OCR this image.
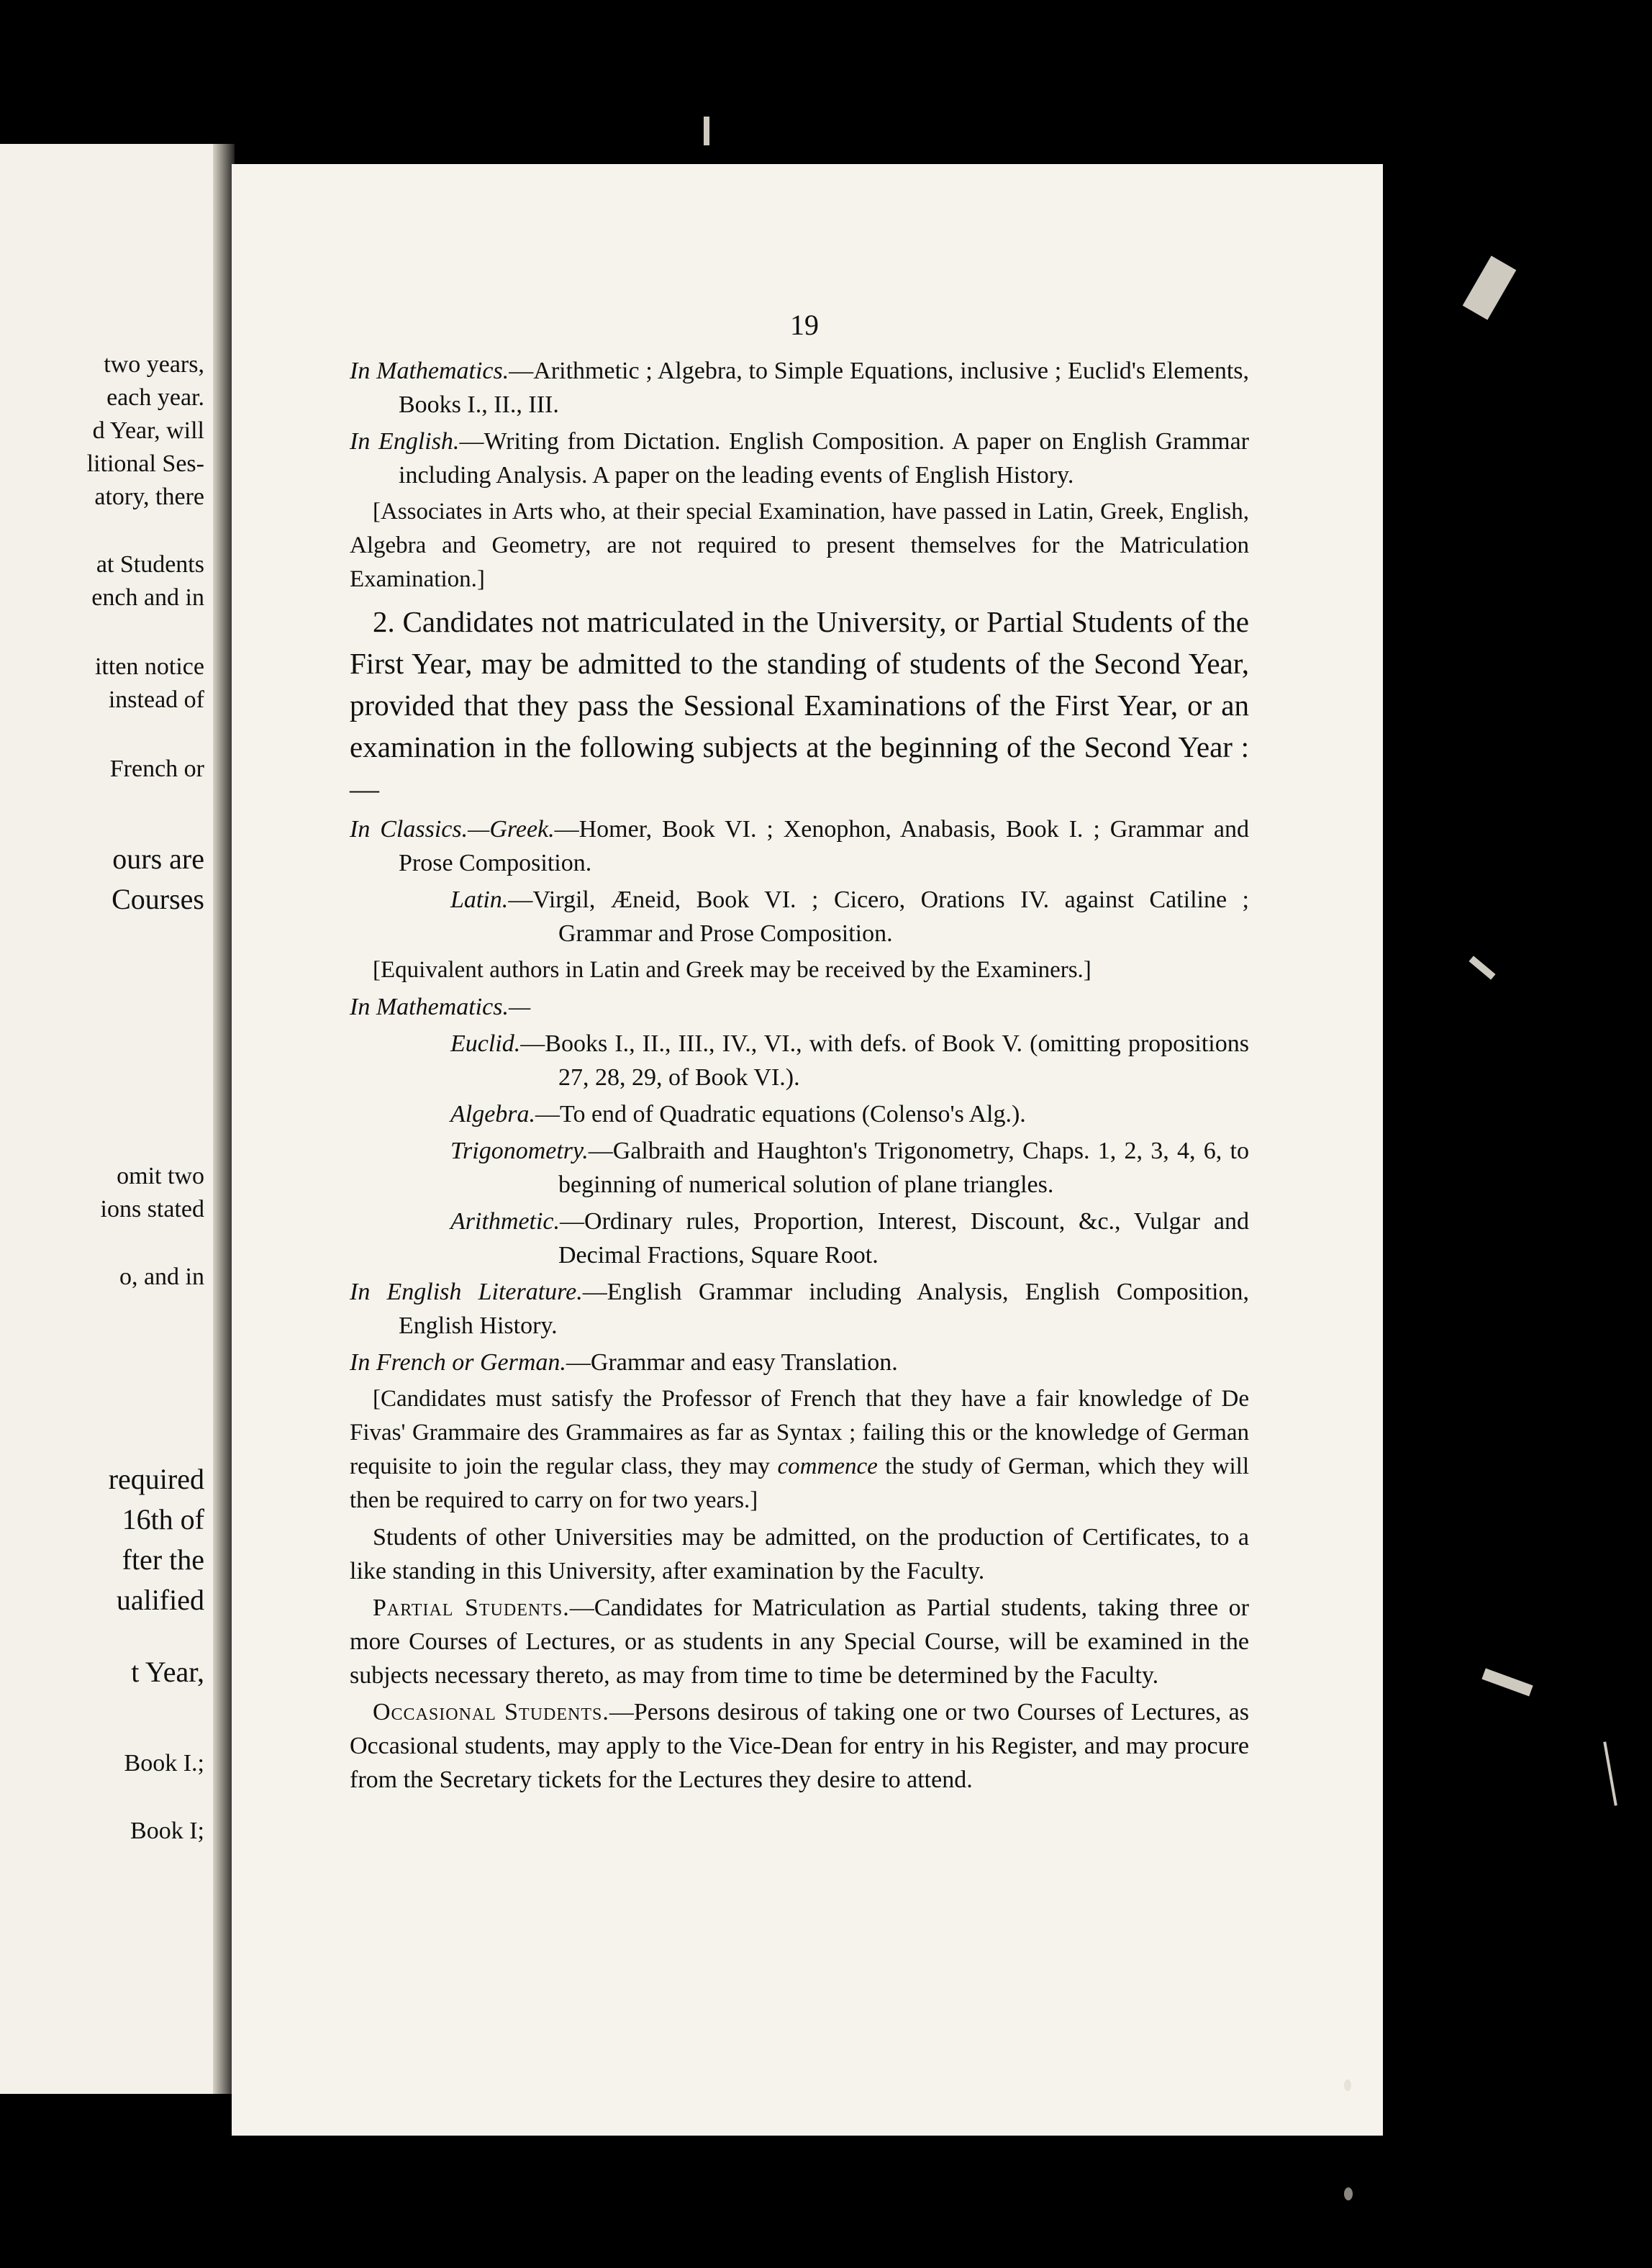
two years,
each year.
d Year, will
litional Ses-
atory, there
at Students
ench and in
itten notice
instead of
French or
ours are
Courses
omit two
ions stated
o, and in
required
16th of
fter the
ualified
t Year,
Book I.;
Book I;
19

In Mathematics.—Arithmetic ; Algebra, to Simple Equations, inclusive ; Euclid's Elements, Books I., II., III.

In English.—Writing from Dictation. English Composition. A paper on English Grammar including Analysis. A paper on the leading events of English History.

[Associates in Arts who, at their special Examination, have passed in Latin, Greek, English, Algebra and Geometry, are not required to present themselves for the Matriculation Examination.]

2. Candidates not matriculated in the University, or Partial Students of the First Year, may be admitted to the standing of students of the Second Year, provided that they pass the Sessional Examinations of the First Year, or an examination in the following subjects at the beginning of the Second Year :—

In Classics.—Greek.—Homer, Book VI. ; Xenophon, Anabasis, Book I. ; Grammar and Prose Composition.

Latin.—Virgil, Æneid, Book VI. ; Cicero, Orations IV. against Catiline ; Grammar and Prose Composition.

[Equivalent authors in Latin and Greek may be received by the Examiners.]

In Mathematics.—

Euclid.—Books I., II., III., IV., VI., with defs. of Book V. (omitting propositions 27, 28, 29, of Book VI.).

Algebra.—To end of Quadratic equations (Colenso's Alg.).

Trigonometry.—Galbraith and Haughton's Trigonometry, Chaps. 1, 2, 3, 4, 6, to beginning of numerical solution of plane triangles.

Arithmetic.—Ordinary rules, Proportion, Interest, Discount, &c., Vulgar and Decimal Fractions, Square Root.

In English Literature.—English Grammar including Analysis, English Composition, English History.

In French or German.—Grammar and easy Translation.

[Candidates must satisfy the Professor of French that they have a fair knowledge of De Fivas' Grammaire des Grammaires as far as Syntax ; failing this or the knowledge of German requisite to join the regular class, they may commence the study of German, which they will then be required to carry on for two years.]

Students of other Universities may be admitted, on the production of Certificates, to a like standing in this University, after examination by the Faculty.

Partial Students.—Candidates for Matriculation as Partial students, taking three or more Courses of Lectures, or as students in any Special Course, will be examined in the subjects necessary thereto, as may from time to time be determined by the Faculty.

Occasional Students.—Persons desirous of taking one or two Courses of Lectures, as Occasional students, may apply to the Vice-Dean for entry in his Register, and may procure from the Secretary tickets for the Lectures they desire to attend.
